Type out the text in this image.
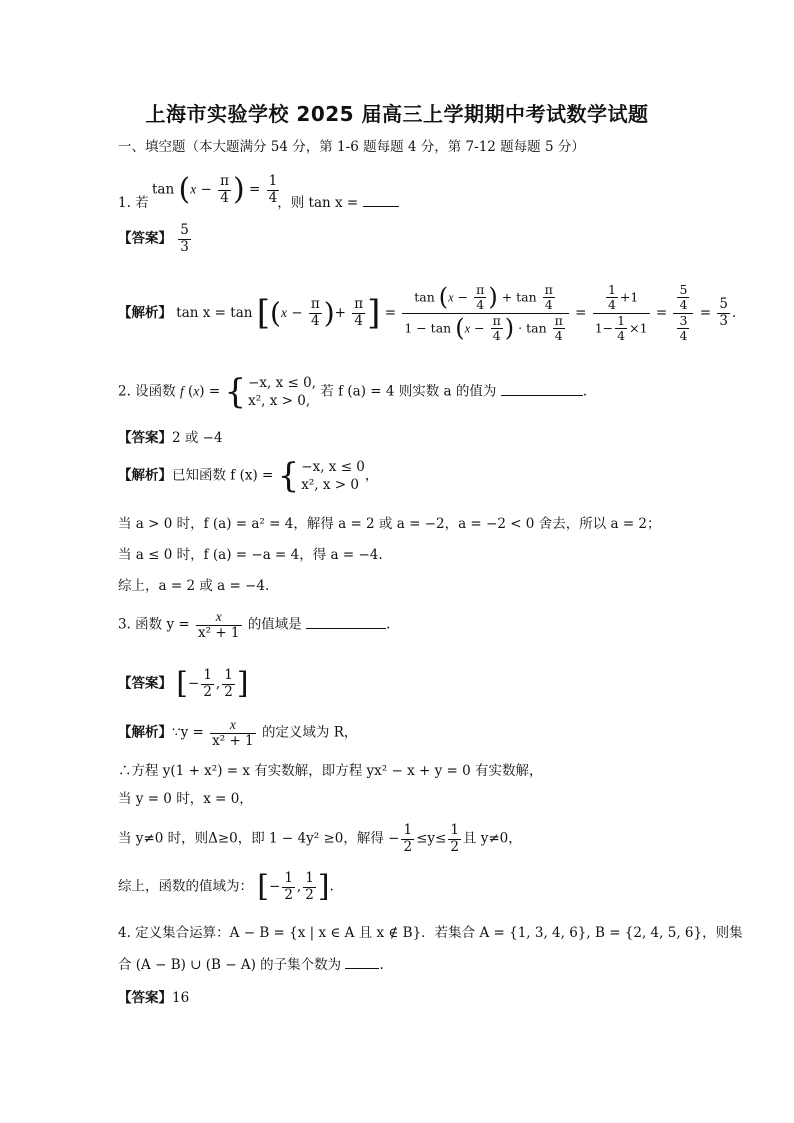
上海市实验学校 2025 届高三上学期期中考试数学试题
一、填空题（本大题满分 54 分，第 1-6 题每题 4 分，第 7-12 题每题 5 分）
$\tan (x - \frac{\pi}{4}$ ) = $\frac{1}{4}$
1. 若	，则 tan x =
【答案】 $\frac{5}{3}$
【解析】 $\tan x = \tan [(x - \frac{\pi}{4}$ )+ $\frac{\pi}{4}$ ] = $\frac{\tan (x - \frac{\pi}{4} ) + \tan \frac{\pi}{4}}{1 - \tan (x - \frac{\pi}{4} ) \cdot \tan \frac{\pi}{4}} = \frac{\frac{1}{4} +1}{1- \frac{1}{4} \times 1} = \frac{\frac{5}{4}}{\frac{3}{4}} = \frac{5}{3}$ .
2. 设函数 f (x) = { −x, x ≤ 0,
x², x > 0,
若 f (a) = 4 则实数 a 的值为	.
【答案】2 或 −4
【解析】已知函数 f (x) = { −x, x ≤ 0
x², x > 0
，
当 a > 0 时，f (a) = a² = 4，解得 a = 2 或 a = −2，a = −2 < 0 舍去，所以 a = 2；
当 a ≤ 0 时，f (a) = −a = 4，得 a = −4.
综上，a = 2 或 a = −4.
3. 函数 $y = \frac{x}{\text{x² + 1}}$ 的值域是	.
【答案】 [− $\frac{1}{2}$ , $\frac{1}{2}$ ]
【解析】∵y = $\frac{x}{\text{x² + 1}}$ 的定义域为 R，
∴方程 y(1 + x²) = x 有实数解，即方程 yx² − x + y = 0 有实数解，
当 y = 0 时，x = 0，
当 y≠0 时，则Δ≥0，即 1 − 4y² ≥0，解得 − $\frac{1}{2} \le y\le \frac{1}{2}$ 且 y≠0，
综上，函数的值域为： [− $\frac{1}{2}$ , $\frac{1}{2}$ ].
4. 定义集合运算：A − B = {x | x ∈ A 且 x ∉ B}．若集合 A = {1, 3, 4, 6}, B = {2, 4, 5, 6}，则集
合 (A − B) ∪ (B − A) 的子集个数为	.
【答案】16
